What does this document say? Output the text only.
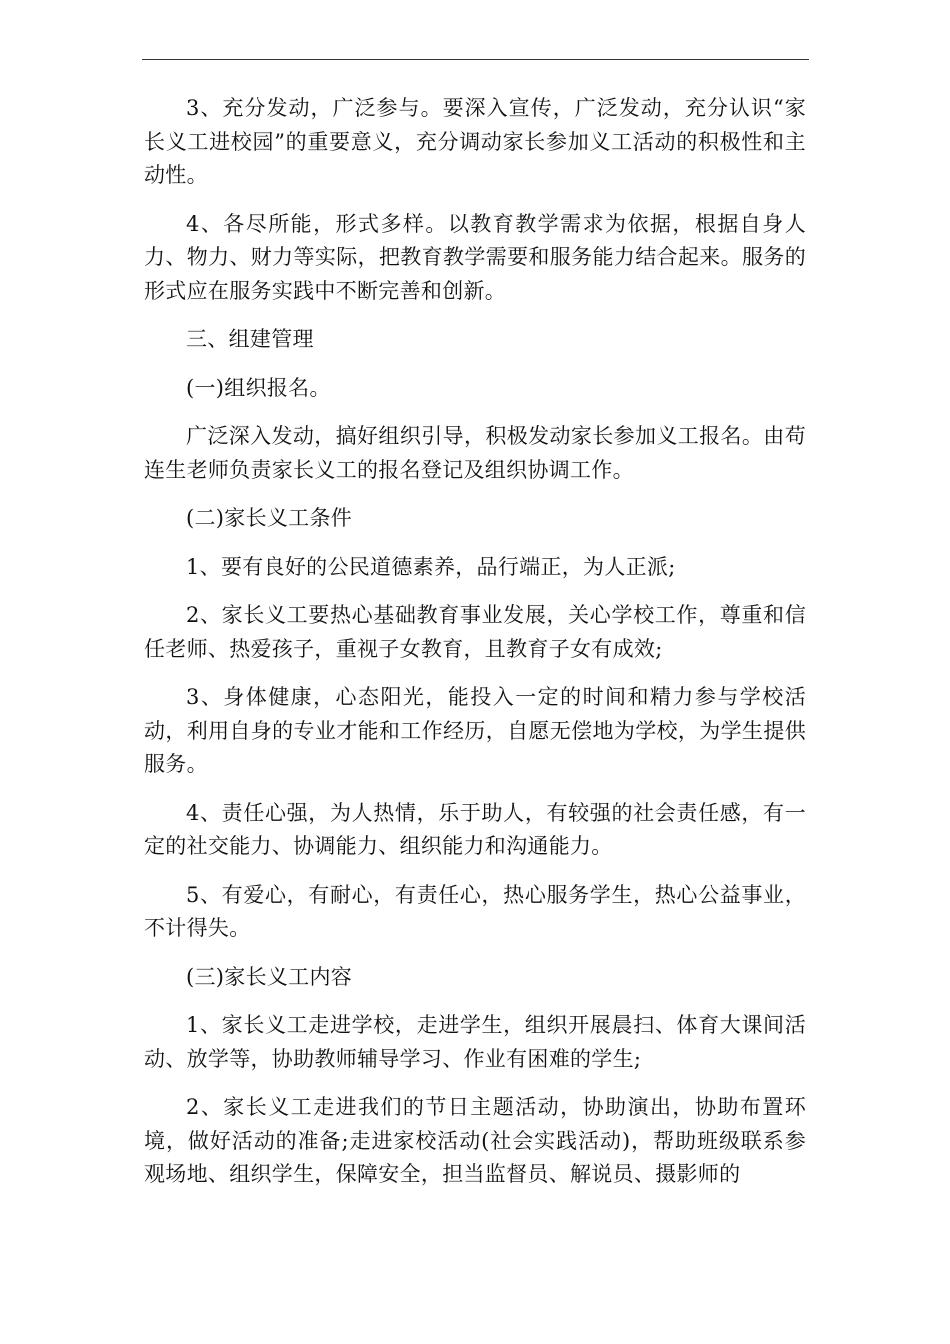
3、充分发动，广泛参与。要深入宣传，广泛发动，充分认识“家长义工进校园”的重要意义，充分调动家长参加义工活动的积极性和主动性。

4、各尽所能，形式多样。以教育教学需求为依据，根据自身人力、物力、财力等实际，把教育教学需要和服务能力结合起来。服务的形式应在服务实践中不断完善和创新。

三、组建管理

(一)组织报名。

广泛深入发动，搞好组织引导，积极发动家长参加义工报名。由苟连生老师负责家长义工的报名登记及组织协调工作。

(二)家长义工条件

1、要有良好的公民道德素养，品行端正，为人正派;

2、家长义工要热心基础教育事业发展，关心学校工作，尊重和信任老师、热爱孩子，重视子女教育，且教育子女有成效;

3、身体健康，心态阳光，能投入一定的时间和精力参与学校活动，利用自身的专业才能和工作经历，自愿无偿地为学校，为学生提供服务。

4、责任心强，为人热情，乐于助人，有较强的社会责任感，有一定的社交能力、协调能力、组织能力和沟通能力。

5、有爱心，有耐心，有责任心，热心服务学生，热心公益事业，不计得失。

(三)家长义工内容

1、家长义工走进学校，走进学生，组织开展晨扫、体育大课间活动、放学等，协助教师辅导学习、作业有困难的学生;

2、家长义工走进我们的节日主题活动，协助演出，协助布置环境，做好活动的准备;走进家校活动(社会实践活动)，帮助班级联系参观场地、组织学生，保障安全，担当监督员、解说员、摄影师的
